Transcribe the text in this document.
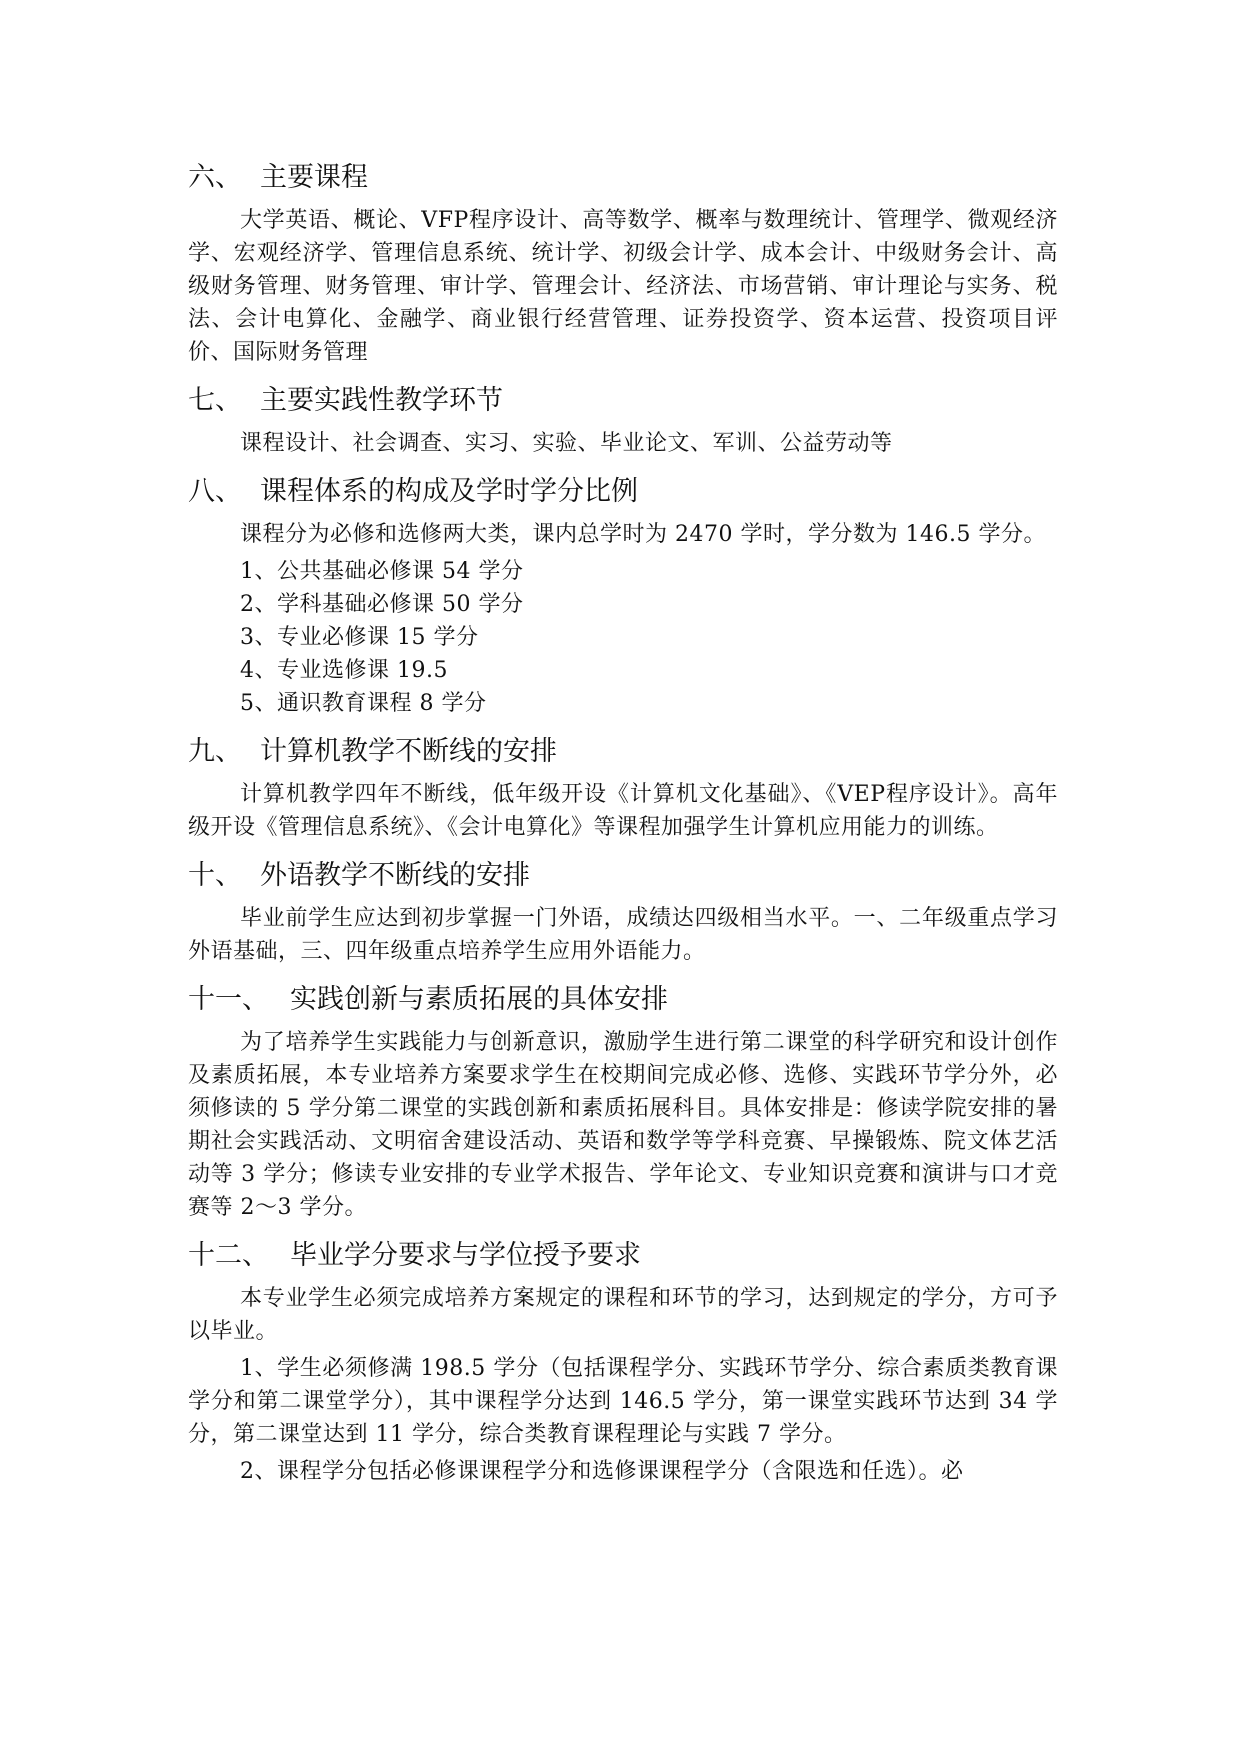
六、 主要课程

大学英语、概论、VFP程序设计、高等数学、概率与数理统计、管理学、微观经济学、宏观经济学、管理信息系统、统计学、初级会计学、成本会计、中级财务会计、高级财务管理、财务管理、审计学、管理会计、经济法、市场营销、审计理论与实务、税法、会计电算化、金融学、商业银行经营管理、证券投资学、资本运营、投资项目评价、国际财务管理

七、 主要实践性教学环节

课程设计、社会调查、实习、实验、毕业论文、军训、公益劳动等

八、 课程体系的构成及学时学分比例

课程分为必修和选修两大类，课内总学时为 2470 学时，学分数为 146.5 学分。

1、公共基础必修课 54 学分

2、学科基础必修课 50 学分

3、专业必修课 15 学分

4、专业选修课 19.5

5、通识教育课程 8 学分

九、 计算机教学不断线的安排

计算机教学四年不断线，低年级开设《计算机文化基础》、《VEP程序设计》。高年级开设《管理信息系统》、《会计电算化》等课程加强学生计算机应用能力的训练。

十、 外语教学不断线的安排

毕业前学生应达到初步掌握一门外语，成绩达四级相当水平。一、二年级重点学习外语基础，三、四年级重点培养学生应用外语能力。

十一、 实践创新与素质拓展的具体安排

为了培养学生实践能力与创新意识，激励学生进行第二课堂的科学研究和设计创作及素质拓展，本专业培养方案要求学生在校期间完成必修、选修、实践环节学分外，必须修读的 5 学分第二课堂的实践创新和素质拓展科目。具体安排是：修读学院安排的暑期社会实践活动、文明宿舍建设活动、英语和数学等学科竞赛、早操锻炼、院文体艺活动等 3 学分；修读专业安排的专业学术报告、学年论文、专业知识竞赛和演讲与口才竞赛等 2～3 学分。

十二、 毕业学分要求与学位授予要求

本专业学生必须完成培养方案规定的课程和环节的学习，达到规定的学分，方可予以毕业。

1、学生必须修满 198.5 学分（包括课程学分、实践环节学分、综合素质类教育课学分和第二课堂学分），其中课程学分达到 146.5 学分，第一课堂实践环节达到 34 学分，第二课堂达到 11 学分，综合类教育课程理论与实践 7 学分。

2、课程学分包括必修课课程学分和选修课课程学分（含限选和任选）。必
